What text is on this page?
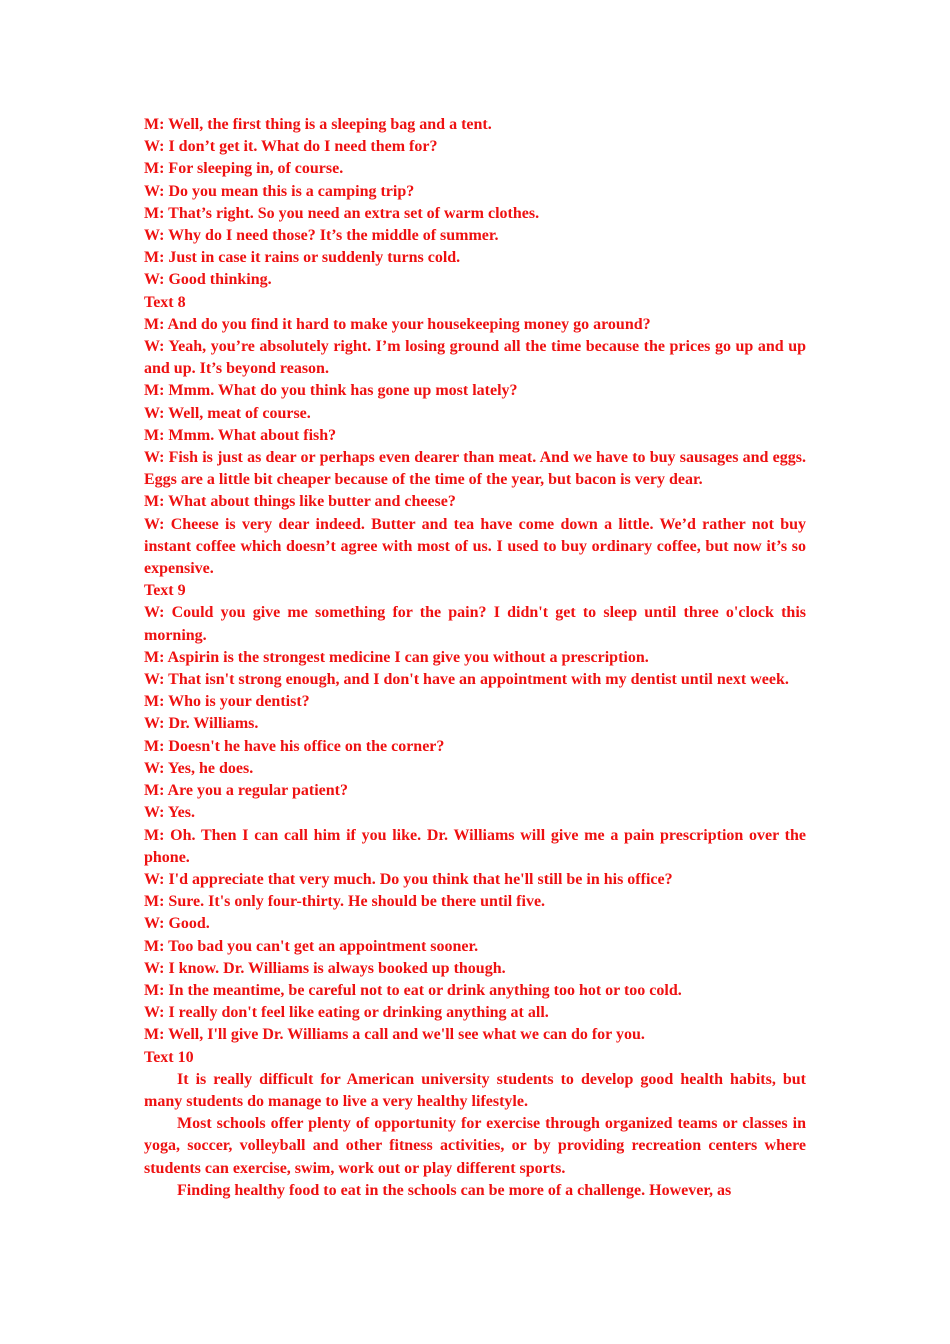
M: Well, the first thing is a sleeping bag and a tent.

W: I don’t get it. What do I need them for?

M: For sleeping in, of course.

W: Do you mean this is a camping trip?

M: That’s right. So you need an extra set of warm clothes.

W: Why do I need those? It’s the middle of summer.

M: Just in case it rains or suddenly turns cold.

W: Good thinking.

Text 8

M: And do you find it hard to make your housekeeping money go around?

W: Yeah, you’re absolutely right. I’m losing ground all the time because the prices go up and up and up. It’s beyond reason.

M: Mmm. What do you think has gone up most lately?

W: Well, meat of course.

M: Mmm. What about fish?

W: Fish is just as dear or perhaps even dearer than meat. And we have to buy sausages and eggs. Eggs are a little bit cheaper because of the time of the year, but bacon is very dear.

M: What about things like butter and cheese?

W: Cheese is very dear indeed. Butter and tea have come down a little. We’d rather not buy instant coffee which doesn’t agree with most of us. I used to buy ordinary coffee, but now it’s so expensive.

Text 9

W: Could you give me something for the pain? I didn't get to sleep until three o'clock this morning.

M: Aspirin is the strongest medicine I can give you without a prescription.

W: That isn't strong enough, and I don't have an appointment with my dentist until next week.

M: Who is your dentist?

W: Dr. Williams.

M: Doesn't he have his office on the corner?

W: Yes, he does.

M: Are you a regular patient?

W: Yes.

M: Oh. Then I can call him if you like. Dr. Williams will give me a pain prescription over the phone.

W: I'd appreciate that very much. Do you think that he'll still be in his office?

M: Sure. It's only four-thirty. He should be there until five.

W: Good.

M: Too bad you can't get an appointment sooner.

W: I know. Dr. Williams is always booked up though.

M: In the meantime, be careful not to eat or drink anything too hot or too cold.

W: I really don't feel like eating or drinking anything at all.

M: Well, I'll give Dr. Williams a call and we'll see what we can do for you.

Text 10

It is really difficult for American university students to develop good health habits, but many students do manage to live a very healthy lifestyle.

Most schools offer plenty of opportunity for exercise through organized teams or classes in yoga, soccer, volleyball and other fitness activities, or by providing recreation centers where students can exercise, swim, work out or play different sports.

Finding healthy food to eat in the schools can be more of a challenge. However, as
